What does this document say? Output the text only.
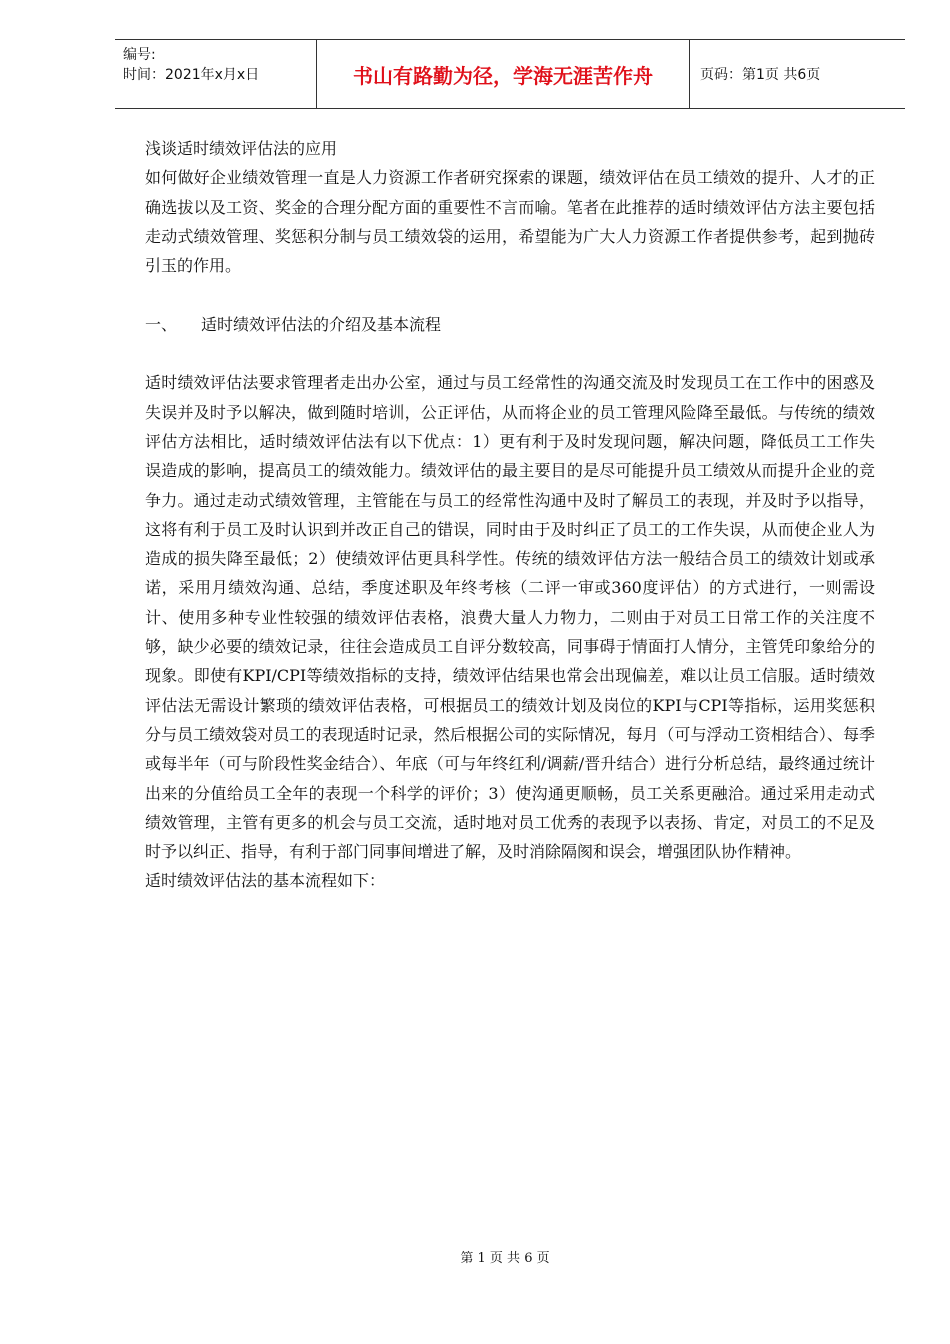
编号:
时间：2021年x月x日	书山有路勤为径，学海无涯苦作舟	页码：第1页 共6页

浅谈适时绩效评估法的应用

如何做好企业绩效管理一直是人力资源工作者研究探索的课题，绩效评估在员工绩效的提升、人才的正确选拔以及工资、奖金的合理分配方面的重要性不言而喻。笔者在此推荐的适时绩效评估方法主要包括走动式绩效管理、奖惩积分制与员工绩效袋的运用，希望能为广大人力资源工作者提供参考，起到抛砖引玉的作用。

一、	适时绩效评估法的介绍及基本流程

适时绩效评估法要求管理者走出办公室，通过与员工经常性的沟通交流及时发现员工在工作中的困惑及失误并及时予以解决，做到随时培训，公正评估，从而将企业的员工管理风险降至最低。与传统的绩效评估方法相比，适时绩效评估法有以下优点：1）更有利于及时发现问题，解决问题，降低员工工作失误造成的影响，提高员工的绩效能力。绩效评估的最主要目的是尽可能提升员工绩效从而提升企业的竞争力。通过走动式绩效管理，主管能在与员工的经常性沟通中及时了解员工的表现，并及时予以指导，这将有利于员工及时认识到并改正自己的错误，同时由于及时纠正了员工的工作失误，从而使企业人为造成的损失降至最低；2）使绩效评估更具科学性。传统的绩效评估方法一般结合员工的绩效计划或承诺，采用月绩效沟通、总结，季度述职及年终考核（二评一审或360度评估）的方式进行，一则需设计、使用多种专业性较强的绩效评估表格，浪费大量人力物力，二则由于对员工日常工作的关注度不够，缺少必要的绩效记录，往往会造成员工自评分数较高，同事碍于情面打人情分，主管凭印象给分的现象。即使有KPI/CPI等绩效指标的支持，绩效评估结果也常会出现偏差，难以让员工信服。适时绩效评估法无需设计繁琐的绩效评估表格，可根据员工的绩效计划及岗位的KPI与CPI等指标，运用奖惩积分与员工绩效袋对员工的表现适时记录，然后根据公司的实际情况，每月（可与浮动工资相结合）、每季或每半年（可与阶段性奖金结合）、年底（可与年终红利/调薪/晋升结合）进行分析总结，最终通过统计出来的分值给员工全年的表现一个科学的评价；3）使沟通更顺畅，员工关系更融洽。通过采用走动式绩效管理，主管有更多的机会与员工交流，适时地对员工优秀的表现予以表扬、肯定，对员工的不足及时予以纠正、指导，有利于部门同事间增进了解，及时消除隔阂和误会，增强团队协作精神。

适时绩效评估法的基本流程如下：

第 1 页 共 6 页
